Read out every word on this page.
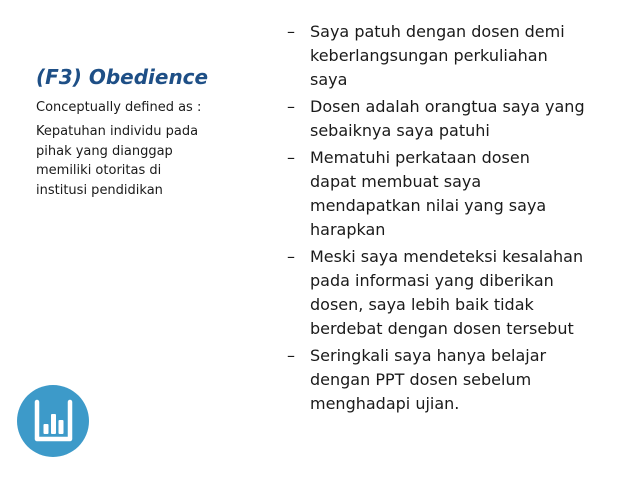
(F3) Obedience
Conceptually defined as :
Kepatuhan individu pada
pihak yang dianggap
memiliki otoritas di
institusi pendidikan
– Saya patuh dengan dosen demi
keberlangsungan perkuliahan
saya
– Dosen adalah orangtua saya yang
sebaiknya saya patuhi
– Mematuhi perkataan dosen
dapat membuat saya
mendapatkan nilai yang saya
harapkan
– Meski saya mendeteksi kesalahan
pada informasi yang diberikan
dosen, saya lebih baik tidak
berdebat dengan dosen tersebut
– Seringkali saya hanya belajar
dengan PPT dosen sebelum
menghadapi ujian.
